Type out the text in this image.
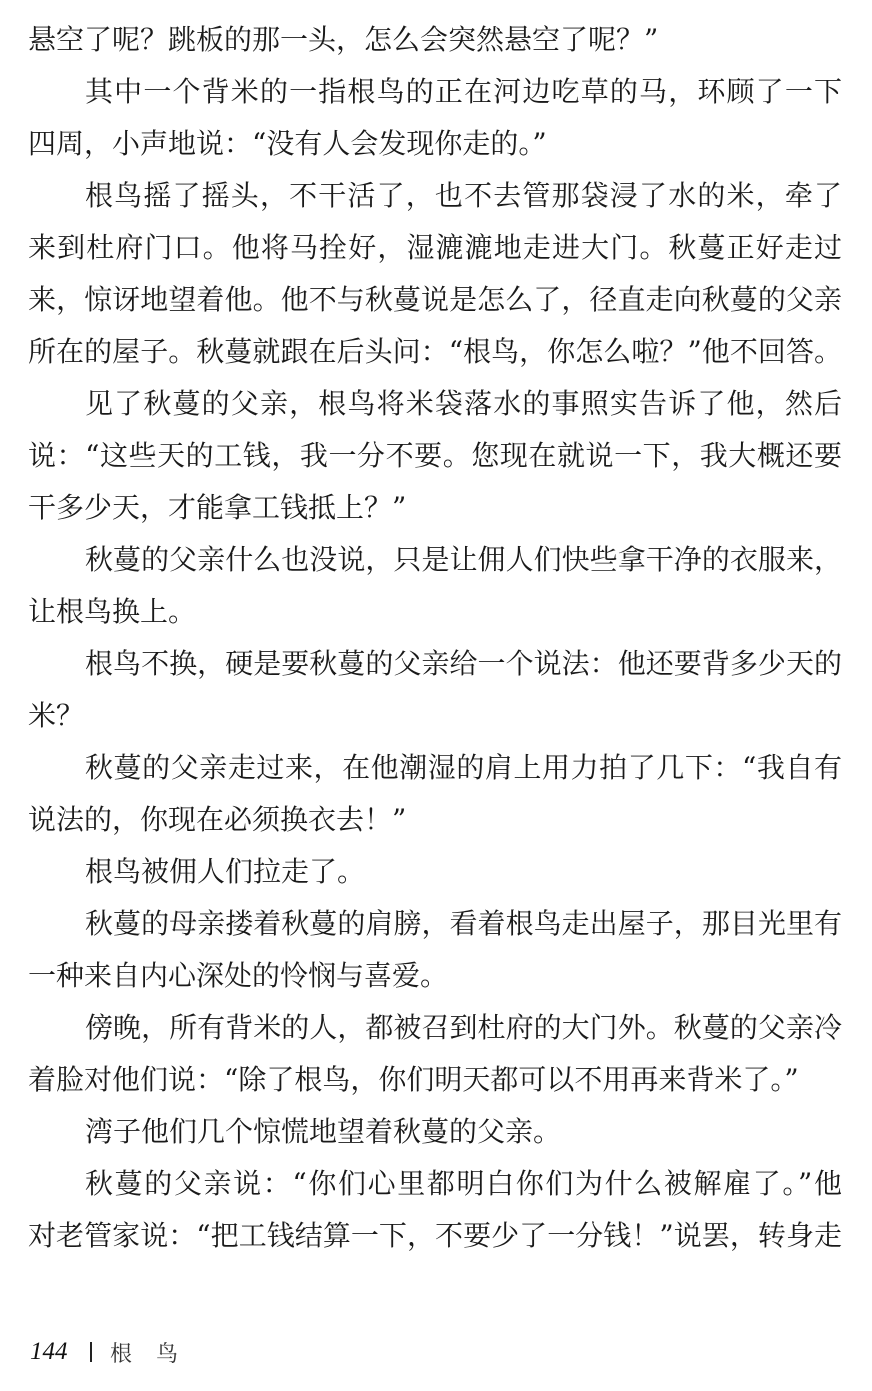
悬空了呢？跳板的那一头，怎么会突然悬空了呢？”
其中一个背米的一指根鸟的正在河边吃草的马，环顾了一下
四周，小声地说：“没有人会发现你走的。”
根鸟摇了摇头，不干活了，也不去管那袋浸了水的米，牵了
来到杜府门口。他将马拴好，湿漉漉地走进大门。秋蔓正好走过
来，惊讶地望着他。他不与秋蔓说是怎么了，径直走向秋蔓的父亲
所在的屋子。秋蔓就跟在后头问：“根鸟，你怎么啦？”他不回答。
见了秋蔓的父亲，根鸟将米袋落水的事照实告诉了他，然后
说：“这些天的工钱，我一分不要。您现在就说一下，我大概还要
干多少天，才能拿工钱抵上？”
秋蔓的父亲什么也没说，只是让佣人们快些拿干净的衣服来，
让根鸟换上。
根鸟不换，硬是要秋蔓的父亲给一个说法：他还要背多少天的
米？
秋蔓的父亲走过来，在他潮湿的肩上用力拍了几下：“我自有
说法的，你现在必须换衣去！”
根鸟被佣人们拉走了。
秋蔓的母亲搂着秋蔓的肩膀，看着根鸟走出屋子，那目光里有
一种来自内心深处的怜悯与喜爱。
傍晚，所有背米的人，都被召到杜府的大门外。秋蔓的父亲冷
着脸对他们说：“除了根鸟，你们明天都可以不用再来背米了。”
湾子他们几个惊慌地望着秋蔓的父亲。
秋蔓的父亲说：“你们心里都明白你们为什么被解雇了。”他
对老管家说：“把工钱结算一下，不要少了一分钱！”说罢，转身走
144	根鸟
